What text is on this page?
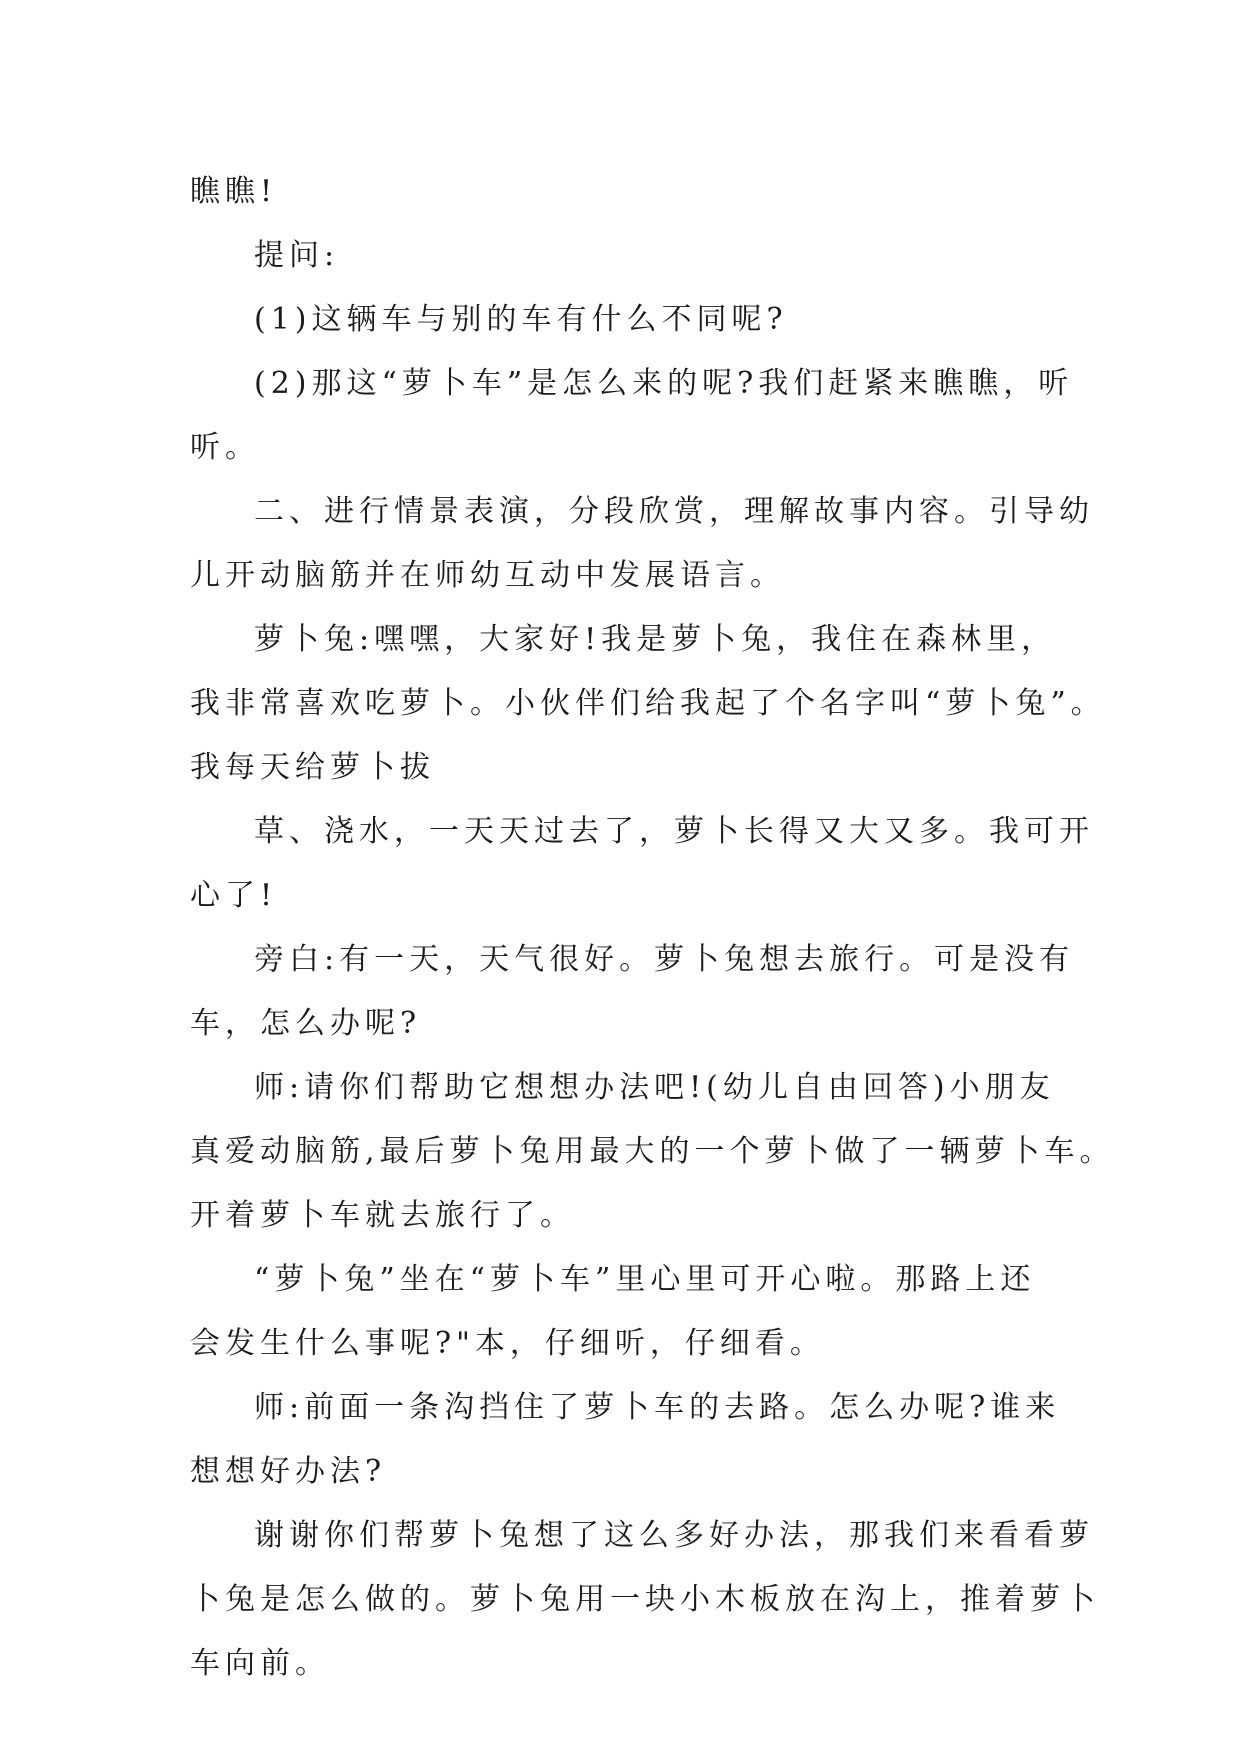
瞧瞧!
提问:
(1)这辆车与别的车有什么不同呢?
(2)那这“萝卜车”是怎么来的呢?我们赶紧来瞧瞧，听
听。
二、进行情景表演，分段欣赏，理解故事内容。引导幼
儿开动脑筋并在师幼互动中发展语言。
萝卜兔:嘿嘿，大家好!我是萝卜兔，我住在森林里，
我非常喜欢吃萝卜。小伙伴们给我起了个名字叫“萝卜兔”。
我每天给萝卜拔
草、浇水，一天天过去了，萝卜长得又大又多。我可开
心了!
旁白:有一天，天气很好。萝卜兔想去旅行。可是没有
车，怎么办呢?
师:请你们帮助它想想办法吧!(幼儿自由回答)小朋友
真爱动脑筋,最后萝卜兔用最大的一个萝卜做了一辆萝卜车。
开着萝卜车就去旅行了。
“萝卜兔”坐在“萝卜车”里心里可开心啦。那路上还
会发生什么事呢?"本，仔细听，仔细看。
师:前面一条沟挡住了萝卜车的去路。怎么办呢?谁来
想想好办法?
谢谢你们帮萝卜兔想了这么多好办法，那我们来看看萝
卜兔是怎么做的。萝卜兔用一块小木板放在沟上，推着萝卜
车向前。
